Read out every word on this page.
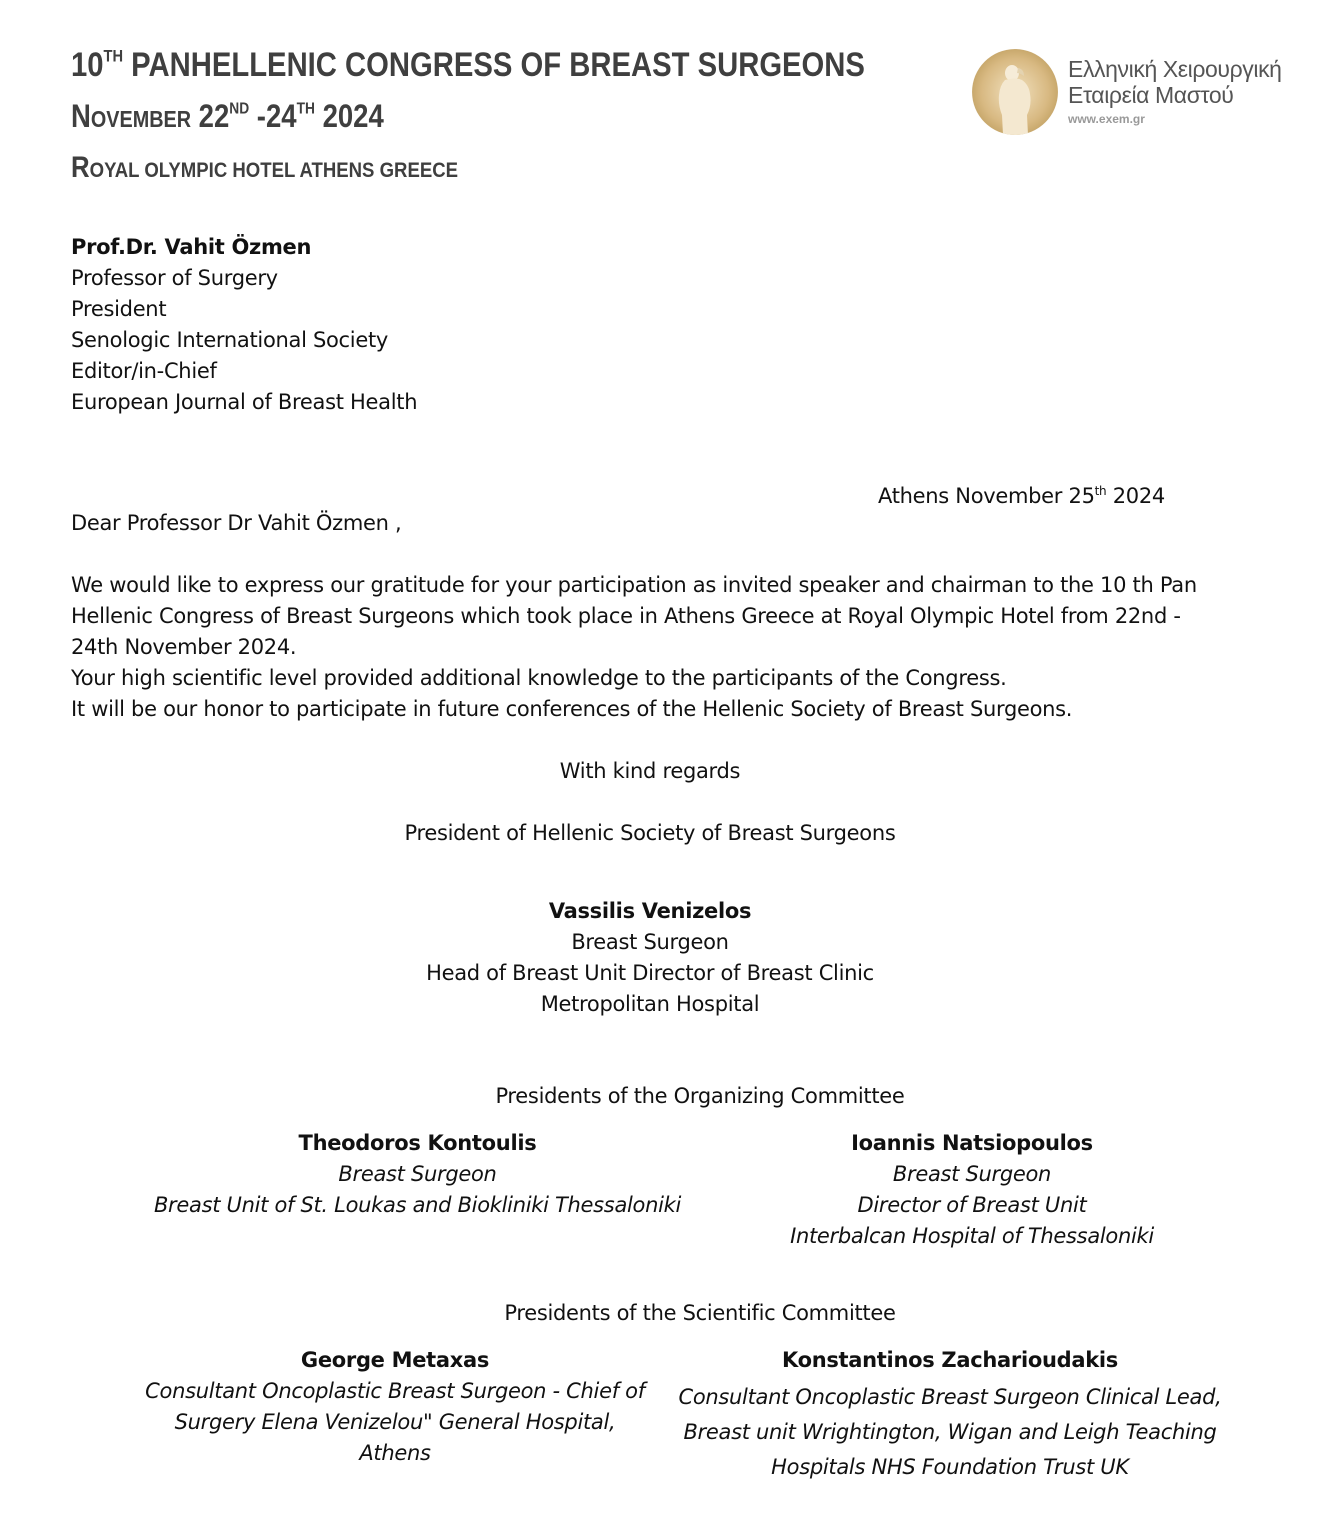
10TH PANHELLENIC CONGRESS OF BREAST SURGEONS
NOVEMBER 22ND -24TH 2024
ROYAL OLYMPIC HOTEL ATHENS GREECE
Ελληνική Χειρουργική
Εταιρεία Μαστού
www.exem.gr
Prof.Dr. Vahit Özmen
Professor of Surgery
President
Senologic International Society
Editor/in-Chief
European Journal of Breast Health
Athens November 25th 2024
Dear Professor Dr Vahit Özmen ,
We would like to express our gratitude for your participation as invited speaker and chairman to the 10 th Pan
Hellenic Congress of Breast Surgeons which took place in Athens Greece at Royal Olympic Hotel from 22nd -
24th November 2024.
Your high scientific level provided additional knowledge to the participants of the Congress.
It will be our honor to participate in future conferences of the Hellenic Society of Breast Surgeons.
With kind regards
President of Hellenic Society of Breast Surgeons
Vassilis Venizelos
Breast Surgeon
Head of Breast Unit Director of Breast Clinic
Metropolitan Hospital
Presidents of the Organizing Committee
Theodoros Kontoulis
Breast Surgeon
Breast Unit of St. Loukas and Biokliniki Thessaloniki
Ioannis Natsiopoulos
Breast Surgeon
Director of Breast Unit
Interbalcan Hospital of Thessaloniki
Presidents of the Scientific Committee
George Metaxas
Consultant Oncoplastic Breast Surgeon - Chief of
Surgery Elena Venizelou" General Hospital,
Athens
Konstantinos Zacharioudakis
Consultant Oncoplastic Breast Surgeon Clinical Lead,
Breast unit Wrightington, Wigan and Leigh Teaching
Hospitals NHS Foundation Trust UK
